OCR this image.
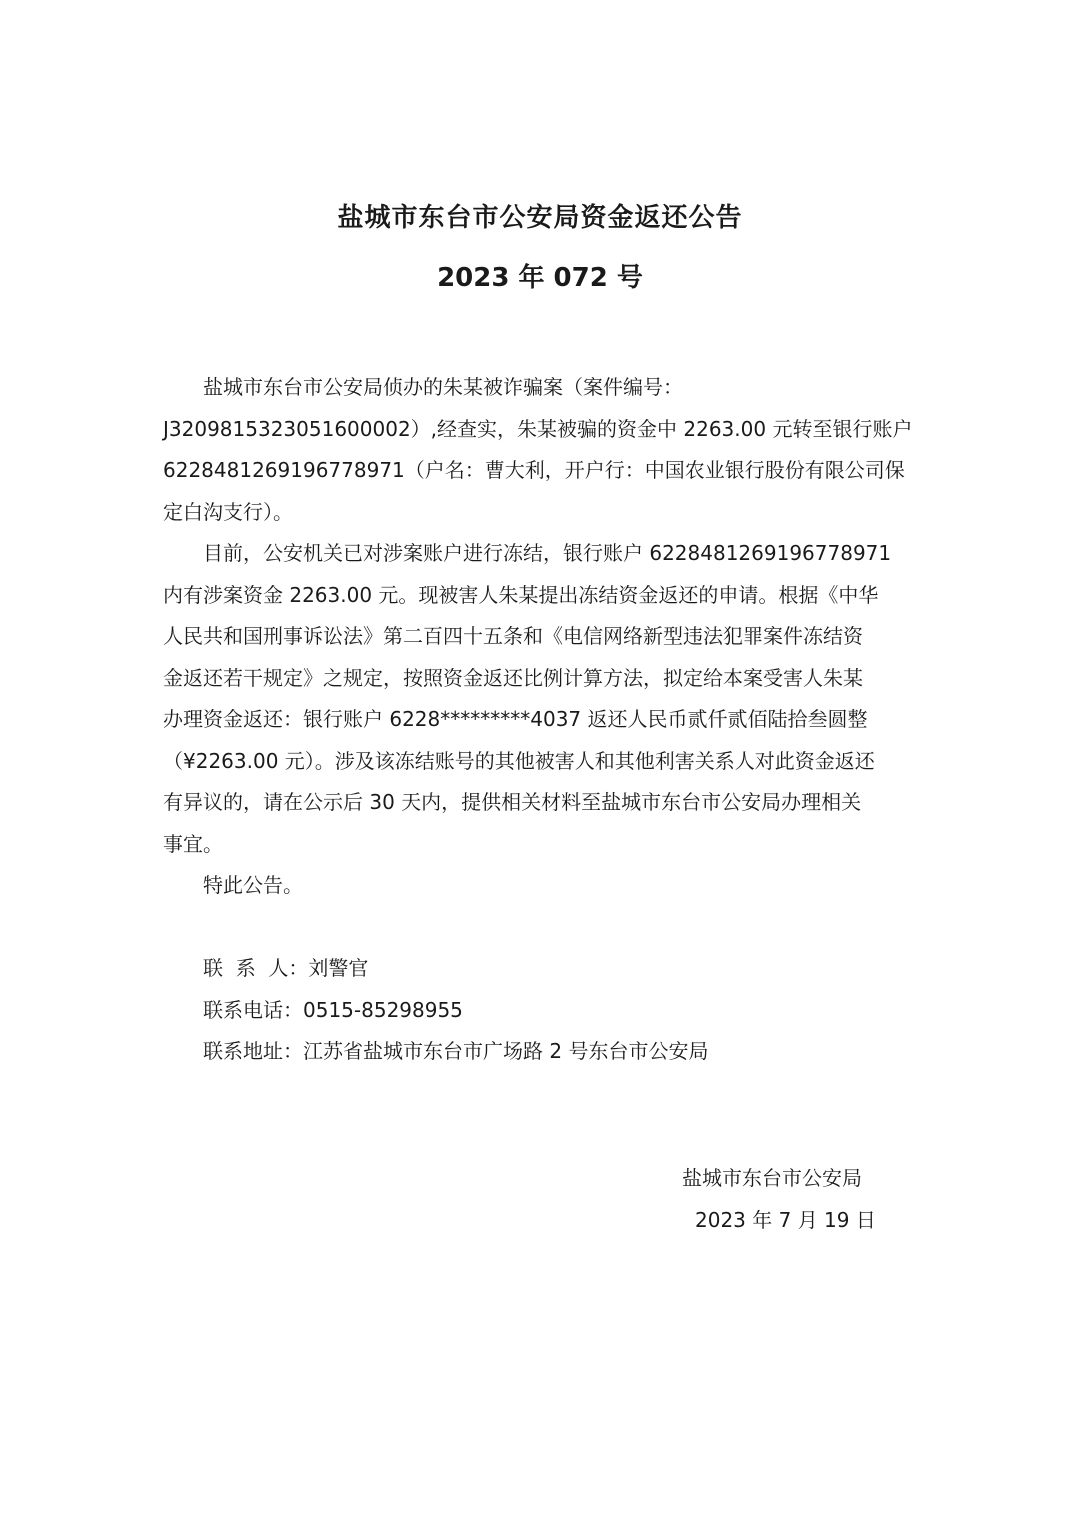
盐城市东台市公安局资金返还公告
2023 年 072 号
盐城市东台市公安局侦办的朱某被诈骗案（案件编号：
J3209815323051600002）,经查实，朱某被骗的资金中 2263.00 元转至银行账户
6228481269196778971（户名：曹大利，开户行：中国农业银行股份有限公司保
定白沟支行）。
目前，公安机关已对涉案账户进行冻结，银行账户 6228481269196778971
内有涉案资金 2263.00 元。现被害人朱某提出冻结资金返还的申请。根据《中华
人民共和国刑事诉讼法》第二百四十五条和《电信网络新型违法犯罪案件冻结资
金返还若干规定》之规定，按照资金返还比例计算方法，拟定给本案受害人朱某
办理资金返还：银行账户 6228*********4037 返还人民币贰仟贰佰陆拾叁圆整
（¥2263.00 元）。涉及该冻结账号的其他被害人和其他利害关系人对此资金返还
有异议的，请在公示后 30 天内，提供相关材料至盐城市东台市公安局办理相关
事宜。
特此公告。
联  系  人：刘警官
联系电话：0515-85298955
联系地址：江苏省盐城市东台市广场路 2 号东台市公安局
盐城市东台市公安局
2023 年 7 月 19 日
